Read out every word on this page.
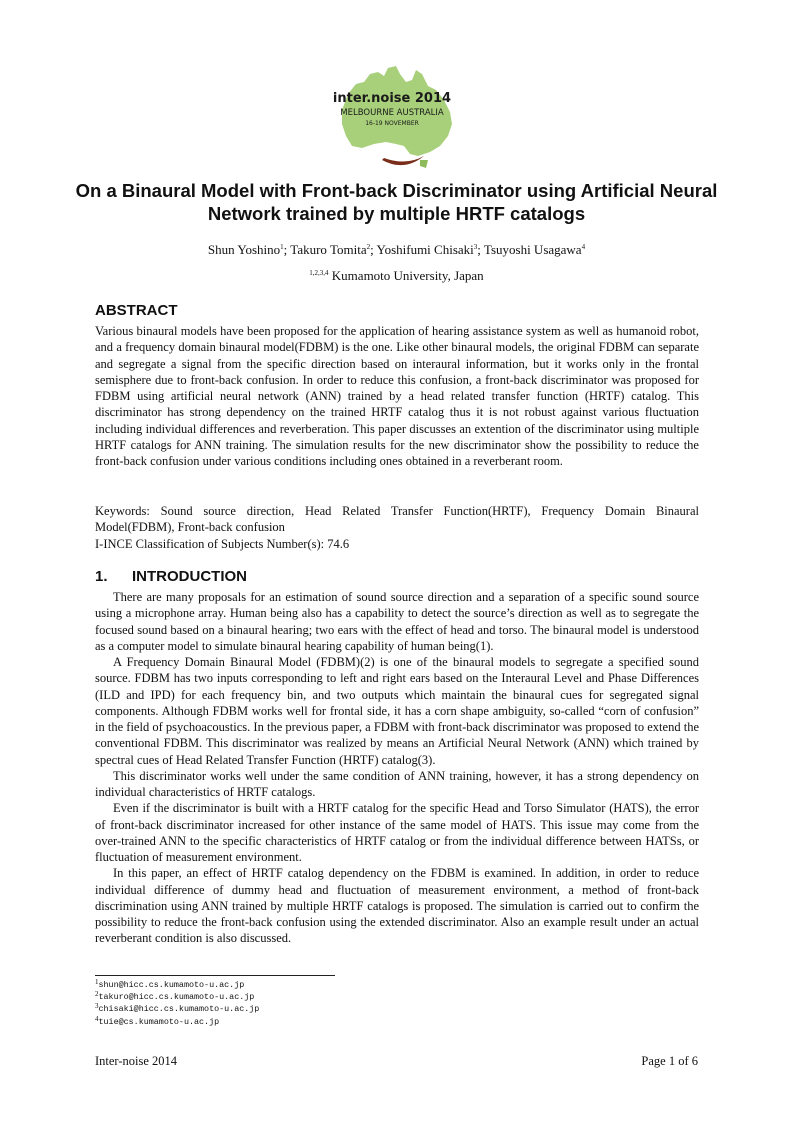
inter.noise 2014
MELBOURNE AUSTRALIA
16-19 NOVEMBER
On a Binaural Model with Front-back Discriminator using Artificial Neural Network trained by multiple HRTF catalogs
Shun Yoshino$^1$; Takuro Tomita$^2$; Yoshifumi Chisaki$^3$; Tsuyoshi Usagawa$^4$
$^{1,2,3,4}$ Kumamoto University, Japan
ABSTRACT
Various binaural models have been proposed for the application of hearing assistance system as well as humanoid robot, and a frequency domain binaural model(FDBM) is the one. Like other binaural models, the original FDBM can separate and segregate a signal from the specific direction based on interaural information, but it works only in the frontal semisphere due to front-back confusion. In order to reduce this confusion, a front-back discriminator was proposed for FDBM using artificial neural network (ANN) trained by a head related transfer function (HRTF) catalog. This discriminator has strong dependency on the trained HRTF catalog thus it is not robust against various fluctuation including individual differences and reverberation. This paper discusses an extention of the discriminator using multiple HRTF catalogs for ANN training. The simulation results for the new discriminator show the possibility to reduce the front-back confusion under various conditions including ones obtained in a reverberant room.
Keywords: Sound source direction, Head Related Transfer Function(HRTF), Frequency Domain Binaural Model(FDBM), Front-back confusion
I-INCE Classification of Subjects Number(s): 74.6
1. INTRODUCTION

There are many proposals for an estimation of sound source direction and a separation of a specific sound source using a microphone array. Human being also has a capability to detect the source’s direction as well as to segregate the focused sound based on a binaural hearing; two ears with the effect of head and torso. The binaural model is understood as a computer model to simulate binaural hearing capability of human being(1).

A Frequency Domain Binaural Model (FDBM)(2) is one of the binaural models to segregate a specified sound source. FDBM has two inputs corresponding to left and right ears based on the Interaural Level and Phase Differences (ILD and IPD) for each frequency bin, and two outputs which maintain the binaural cues for segregated signal components. Although FDBM works well for frontal side, it has a corn shape ambiguity, so-called “corn of confusion” in the field of psychoacoustics. In the previous paper, a FDBM with front-back discriminator was proposed to extend the conventional FDBM. This discriminator was realized by means an Artificial Neural Network (ANN) which trained by spectral cues of Head Related Transfer Function (HRTF) catalog(3).

This discriminator works well under the same condition of ANN training, however, it has a strong dependency on individual characteristics of HRTF catalogs.

Even if the discriminator is built with a HRTF catalog for the specific Head and Torso Simulator (HATS), the error of front-back discriminator increased for other instance of the same model of HATS. This issue may come from the over-trained ANN to the specific characteristics of HRTF catalog or from the individual difference between HATSs, or fluctuation of measurement environment.

In this paper, an effect of HRTF catalog dependency on the FDBM is examined. In addition, in order to reduce individual difference of dummy head and fluctuation of measurement environment, a method of front-back discrimination using ANN trained by multiple HRTF catalogs is proposed. The simulation is carried out to confirm the possibility to reduce the front-back confusion using the extended discriminator. Also an example result under an actual reverberant condition is also discussed.

$^1$shun@hicc.cs.kumamoto-u.ac.jp
$^2$takuro@hicc.cs.kumamoto-u.ac.jp
$^3$chisaki@hicc.cs.kumamoto-u.ac.jp
$^4$tuie@cs.kumamoto-u.ac.jp
Inter-noise 2014	Page 1 of 6
